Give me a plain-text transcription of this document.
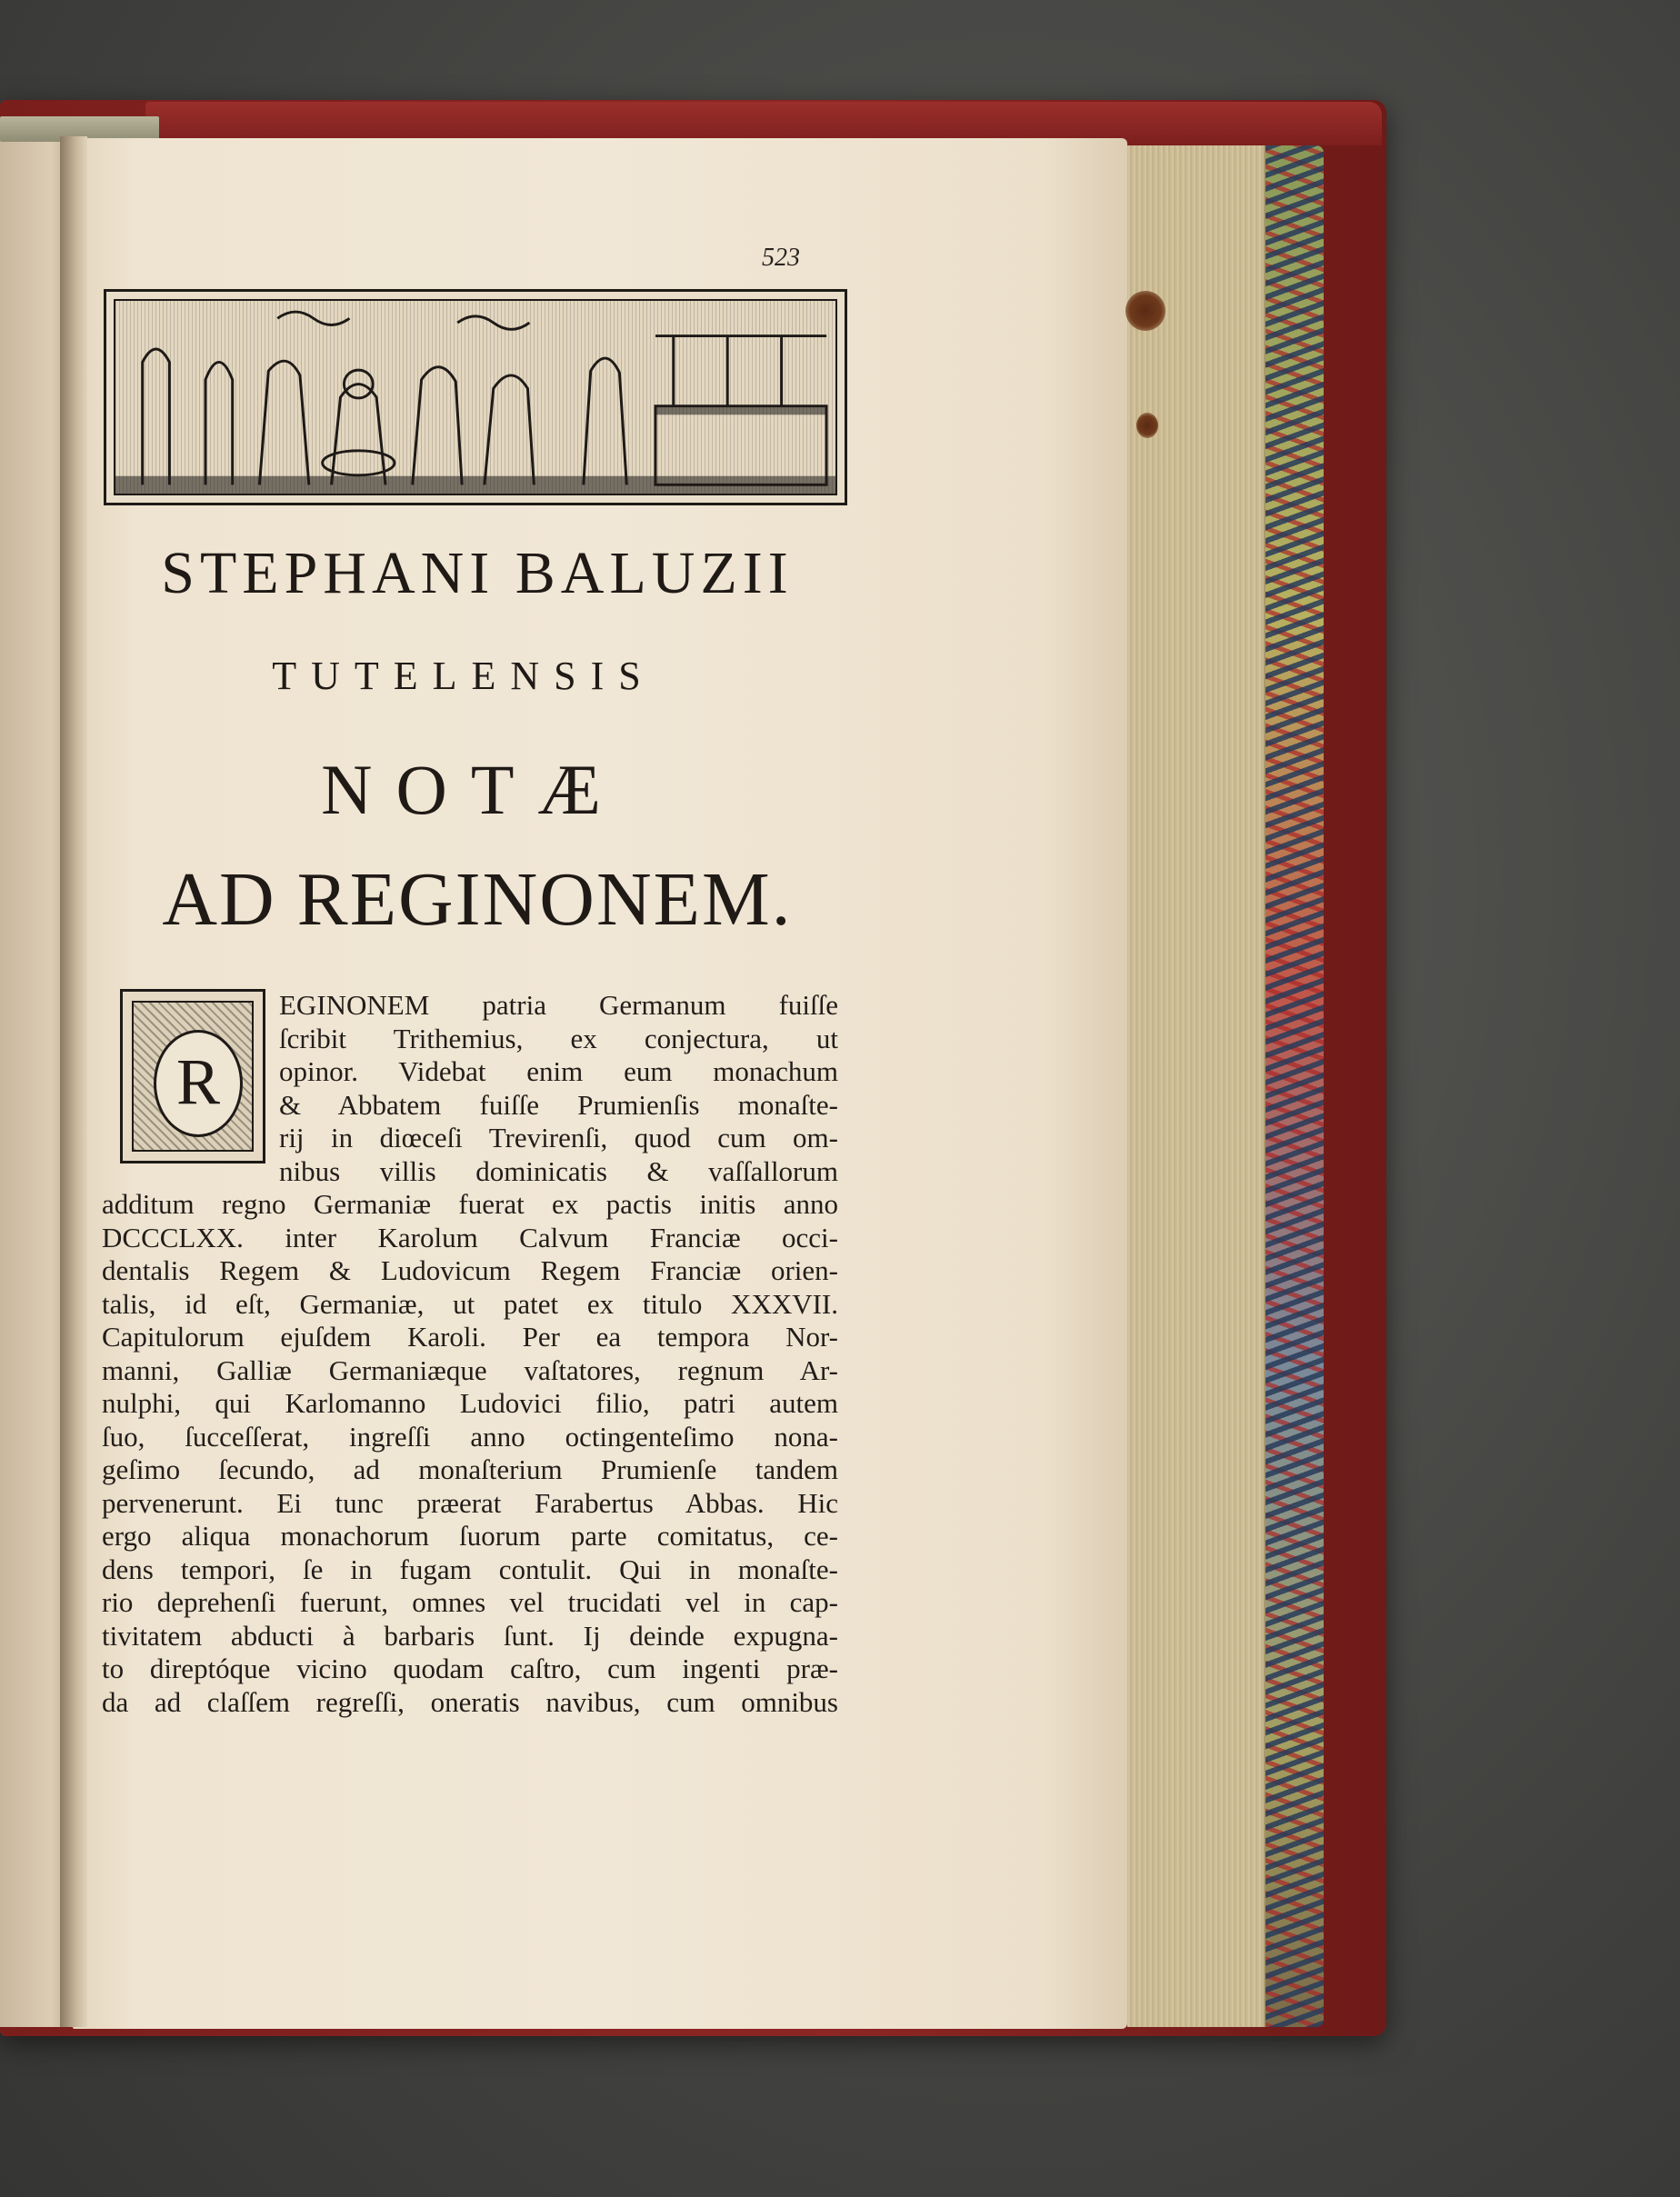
523
STEPHANI BALUZII
TUTELENSIS
NOTÆ
AD REGINONEM.
R
EGINONEM patria Germanum fuiſſe
ſcribit Trithemius, ex conjectura, ut
opinor. Videbat enim eum monachum
& Abbatem fuiſſe Prumienſis monaſte-
rij in diœceſi Trevirenſi, quod cum om-
nibus villis dominicatis & vaſſallorum
additum regno Germaniæ fuerat ex pactis initis anno
DCCCLXX. inter Karolum Calvum Franciæ occi-
dentalis Regem & Ludovicum Regem Franciæ orien-
talis, id eſt, Germaniæ, ut patet ex titulo XXXVII.
Capitulorum ejuſdem Karoli. Per ea tempora Nor-
manni, Galliæ Germaniæque vaſtatores, regnum Ar-
nulphi, qui Karlomanno Ludovici filio, patri autem
ſuo, ſucceſſerat, ingreſſi anno octingenteſimo nona-
geſimo ſecundo, ad monaſterium Prumienſe tandem
pervenerunt. Ei tunc præerat Farabertus Abbas. Hic
ergo aliqua monachorum ſuorum parte comitatus, ce-
dens tempori, ſe in fugam contulit. Qui in monaſte-
rio deprehenſi fuerunt, omnes vel trucidati vel in cap-
tivitatem abducti à barbaris ſunt. Ij deinde expugna-
to direptóque vicino quodam caſtro, cum ingenti præ-
da ad claſſem regreſſi, oneratis navibus, cum omnibus
